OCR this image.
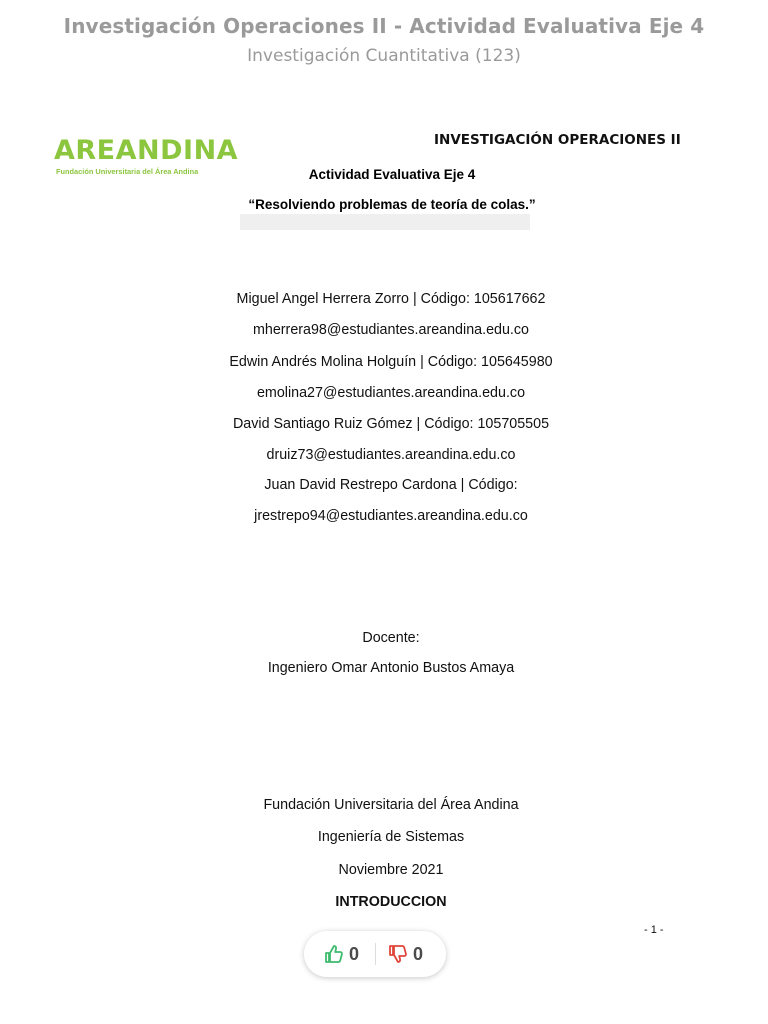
Investigación Operaciones II - Actividad Evaluativa Eje 4
Investigación Cuantitativa (123)
AREANDINA
Fundación Universitaria del Área Andina
INVESTIGACIÓN OPERACIONES II
Actividad Evaluativa Eje 4
“Resolviendo problemas de teoría de colas.”
Miguel Angel Herrera Zorro | Código: 105617662
mherrera98@estudiantes.areandina.edu.co
Edwin Andrés Molina Holguín | Código: 105645980
emolina27@estudiantes.areandina.edu.co
David Santiago Ruiz Gómez | Código: 105705505
druiz73@estudiantes.areandina.edu.co
Juan David Restrepo Cardona | Código:
jrestrepo94@estudiantes.areandina.edu.co
Docente:
Ingeniero Omar Antonio Bustos Amaya
Fundación Universitaria del Área Andina
Ingeniería de Sistemas
Noviembre 2021
INTRODUCCION
- 1 -
0	0
